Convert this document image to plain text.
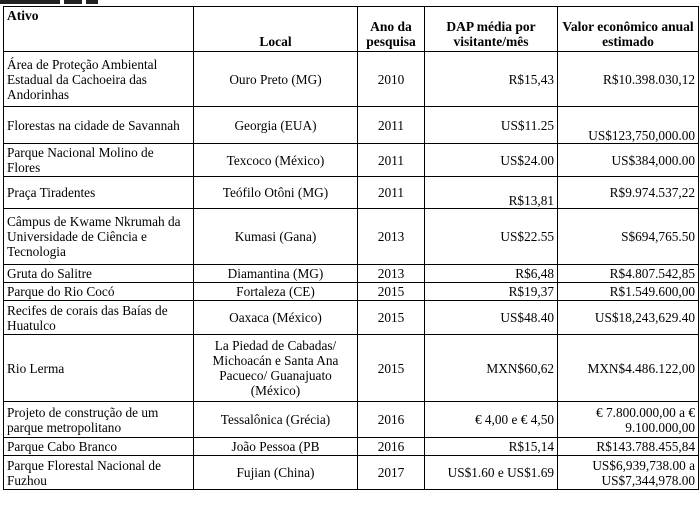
Ativo	Local	Ano da pesquisa	DAP média por visitante/mês	Valor econômico anual estimado
Área de Proteção Ambiental Estadual da Cachoeira das Andorinhas	Ouro Preto (MG)	2010	R$15,43	R$10.398.030,12
Florestas na cidade de Savannah	Georgia (EUA)	2011	US$11.25	US$123,750,000.00
Parque Nacional Molino de Flores	Texcoco (México)	2011	US$24.00	US$384,000.00
Praça Tiradentes	Teófilo Otôni (MG)	2011	R$13,81	R$9.974.537,22
Câmpus de Kwame Nkrumah da Universidade de Ciência e Tecnologia	Kumasi (Gana)	2013	US$22.55	S$694,765.50
Gruta do Salitre	Diamantina (MG)	2013	R$6,48	R$4.807.542,85
Parque do Rio Cocó	Fortaleza (CE)	2015	R$19,37	R$1.549.600,00
Recifes de corais das Baías de Huatulco	Oaxaca (México)	2015	US$48.40	US$18,243,629.40
Rio Lerma	La Piedad de Cabadas/ Michoacán e Santa Ana Pacueco/ Guanajuato (México)	2015	MXN$60,62	MXN$4.486.122,00
Projeto de construção de um parque metropolitano	Tessalônica (Grécia)	2016	€ 4,00 e € 4,50	€ 7.800.000,00 a € 9.100.000,00
Parque Cabo Branco	João Pessoa (PB	2016	R$15,14	R$143.788.455,84
Parque Florestal Nacional de Fuzhou	Fujian (China)	2017	US$1.60 e US$1.69	US$6,939,738.00 a US$7,344,978.00
